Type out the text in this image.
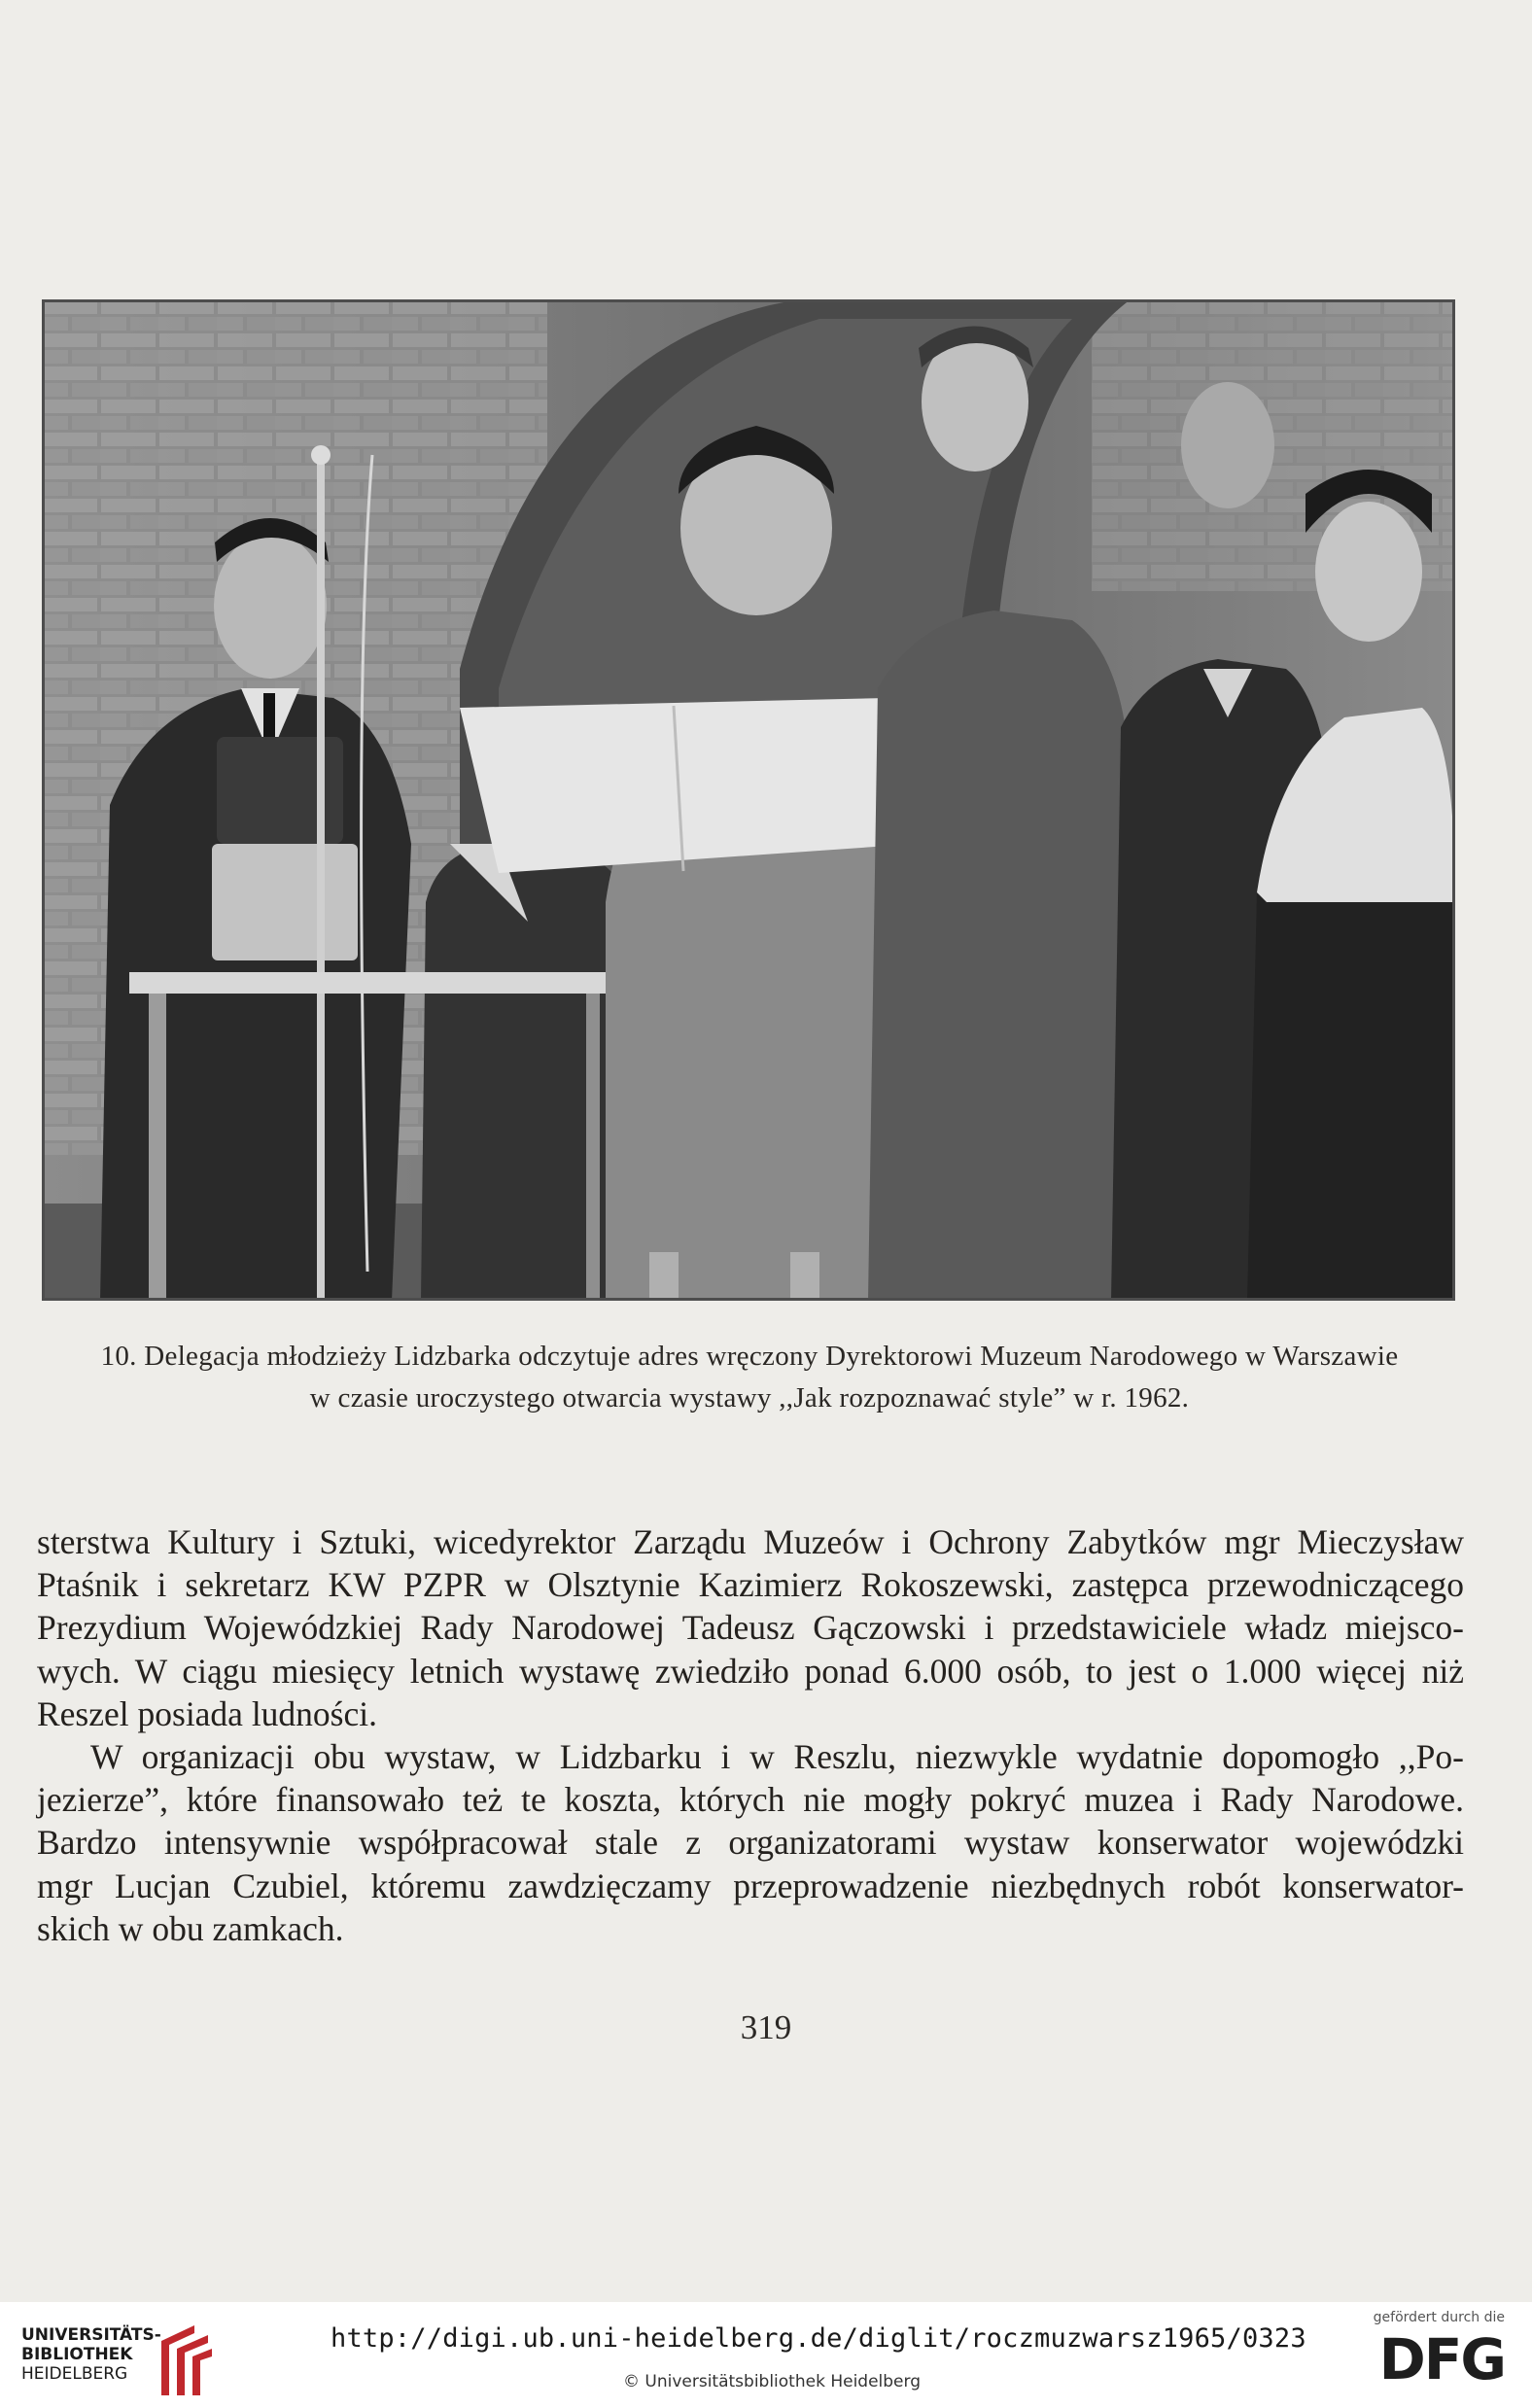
10. Delegacja młodzieży Lidzbarka odczytuje adres wręczony Dyrektorowi Muzeum Narodowego w Warszawie
w czasie uroczystego otwarcia wystawy ,,Jak rozpoznawać style” w r. 1962.
sterstwa Kultury i Sztuki, wicedyrektor Zarządu Muzeów i Ochrony Zabytków mgr Mieczysław
Ptaśnik i sekretarz KW PZPR w Olsztynie Kazimierz Rokoszewski, zastępca przewodniczącego
Prezydium Wojewódzkiej Rady Narodowej Tadeusz Gączowski i przedstawiciele władz miejsco-
wych. W ciągu miesięcy letnich wystawę zwiedziło ponad 6.000 osób, to jest o 1.000 więcej niż
Reszel posiada ludności.
W organizacji obu wystaw, w Lidzbarku i w Reszlu, niezwykle wydatnie dopomogło ,,Po-
jezierze”, które finansowało też te koszta, których nie mogły pokryć muzea i Rady Narodowe.
Bardzo intensywnie współpracował stale z organizatorami wystaw konserwator wojewódzki
mgr Lucjan Czubiel, któremu zawdzięczamy przeprowadzenie niezbędnych robót konserwator-
skich w obu zamkach.
319
UNIVERSITÄTS-
BIBLIOTHEK
HEIDELBERG
http://digi.ub.uni-heidelberg.de/diglit/roczmuzwarsz1965/0323
© Universitätsbibliothek Heidelberg
gefördert durch die
DFG
